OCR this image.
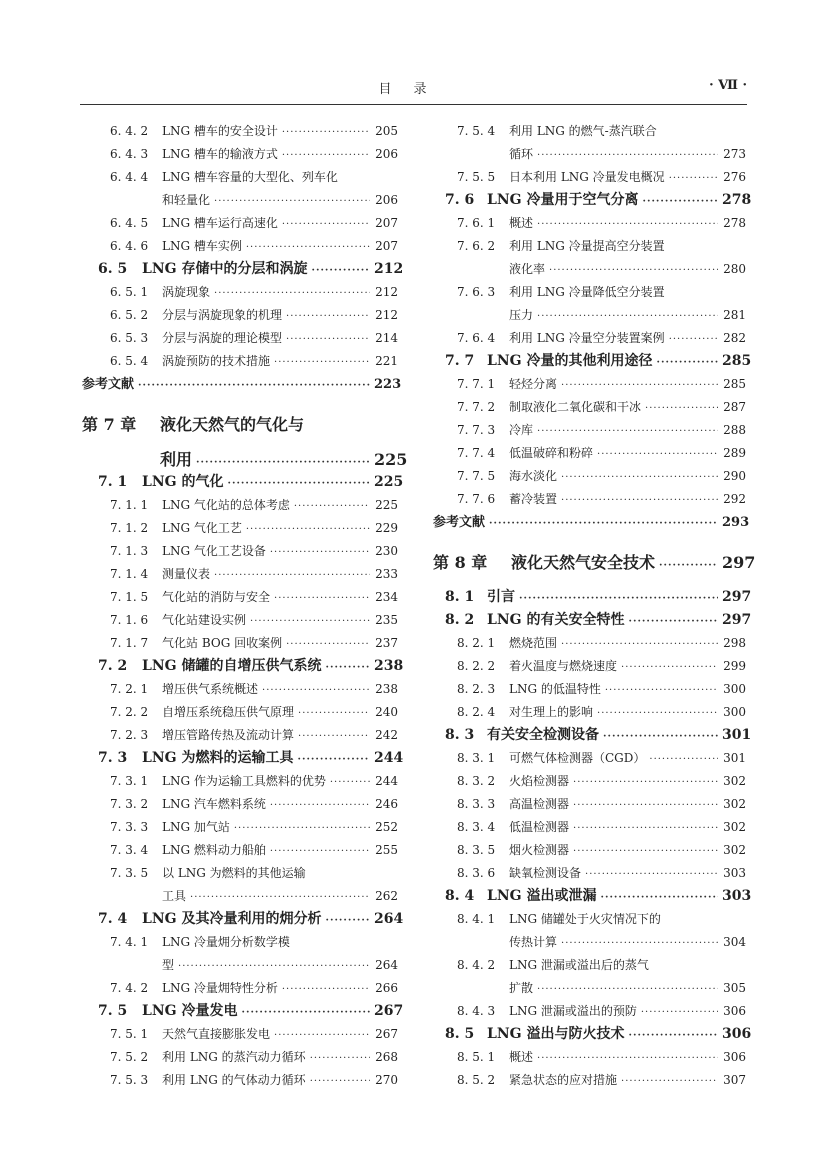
目录	· Ⅶ ·
6. 4. 2	LNG 槽车的安全设计 ·····	205
6. 4. 3	LNG 槽车的输液方式 ·····	206
6. 4. 4	LNG 槽车容量的大型化、列车化
和轻量化 ·····	206
6. 4. 5	LNG 槽车运行高速化 ·····	207
6. 4. 6	LNG 槽车实例 ·····	207
6. 5	LNG 存储中的分层和涡旋 ·····	212
6. 5. 1	涡旋现象 ·····	212
6. 5. 2	分层与涡旋现象的机理 ·····	212
6. 5. 3	分层与涡旋的理论模型 ·····	214
6. 5. 4	涡旋预防的技术措施 ·····	221
参考文献 ·····	223
第 7 章	液化天然气的气化与
利用 ·····	225
7. 1	LNG 的气化 ·····	225
7. 1. 1	LNG 气化站的总体考虑 ·····	225
7. 1. 2	LNG 气化工艺 ·····	229
7. 1. 3	LNG 气化工艺设备 ·····	230
7. 1. 4	测量仪表 ·····	233
7. 1. 5	气化站的消防与安全 ·····	234
7. 1. 6	气化站建设实例 ·····	235
7. 1. 7	气化站 BOG 回收案例 ·····	237
7. 2	LNG 储罐的自增压供气系统 ·····	238
7. 2. 1	增压供气系统概述 ·····	238
7. 2. 2	自增压系统稳压供气原理 ·····	240
7. 2. 3	增压管路传热及流动计算 ·····	242
7. 3	LNG 为燃料的运输工具 ·····	244
7. 3. 1	LNG 作为运输工具燃料的优势 ·····	244
7. 3. 2	LNG 汽车燃料系统 ·····	246
7. 3. 3	LNG 加气站 ·····	252
7. 3. 4	LNG 燃料动力船舶 ·····	255
7. 3. 5	以 LNG 为燃料的其他运输
工具 ·····	262
7. 4	LNG 及其冷量利用的㶲分析 ·····	264
7. 4. 1	LNG 冷量㶲分析数学模
型 ·····	264
7. 4. 2	LNG 冷量㶲特性分析 ·····	266
7. 5	LNG 冷量发电 ·····	267
7. 5. 1	天然气直接膨胀发电 ·····	267
7. 5. 2	利用 LNG 的蒸汽动力循环 ·····	268
7. 5. 3	利用 LNG 的气体动力循环 ·····	270
7. 5. 4	利用 LNG 的燃气-蒸汽联合
循环 ·····	273
7. 5. 5	日本利用 LNG 冷量发电概况 ·····	276
7. 6 LNG 冷量用于空气分离 ·····	278
7. 6. 1	概述 ·····	278
7. 6. 2	利用 LNG 冷量提高空分装置
液化率 ·····	280
7. 6. 3	利用 LNG 冷量降低空分装置
压力 ·····	281
7. 6. 4	利用 LNG 冷量空分装置案例 ·····	282
7. 7 LNG 冷量的其他利用途径 ·····	285
7. 7. 1	轻烃分离 ·····	285
7. 7. 2	制取液化二氧化碳和干冰 ·····	287
7. 7. 3	冷库 ·····	288
7. 7. 4	低温破碎和粉碎 ·····	289
7. 7. 5	海水淡化 ·····	290
7. 7. 6	蓄冷装置 ·····	292
参考文献 ·····	293
第 8 章	液化天然气安全技术 ·····	297
8. 1 引言 ·····	297
8. 2 LNG 的有关安全特性 ·····	297
8. 2. 1	燃烧范围 ·····	298
8. 2. 2	着火温度与燃烧速度 ·····	299
8. 2. 3	LNG 的低温特性 ·····	300
8. 2. 4	对生理上的影响 ·····	300
8. 3 有关安全检测设备 ·····	301
8. 3. 1	可燃气体检测器（CGD） ·····	301
8. 3. 2	火焰检测器 ·····	302
8. 3. 3	高温检测器 ·····	302
8. 3. 4	低温检测器 ·····	302
8. 3. 5	烟火检测器 ·····	302
8. 3. 6	缺氧检测设备 ·····	303
8. 4 LNG 溢出或泄漏 ·····	303
8. 4. 1	LNG 储罐处于火灾情况下的
传热计算 ·····	304
8. 4. 2	LNG 泄漏或溢出后的蒸气
扩散 ·····	305
8. 4. 3	LNG 泄漏或溢出的预防 ·····	306
8. 5 LNG 溢出与防火技术 ·····	306
8. 5. 1	概述 ·····	306
8. 5. 2	紧急状态的应对措施 ·····	307
